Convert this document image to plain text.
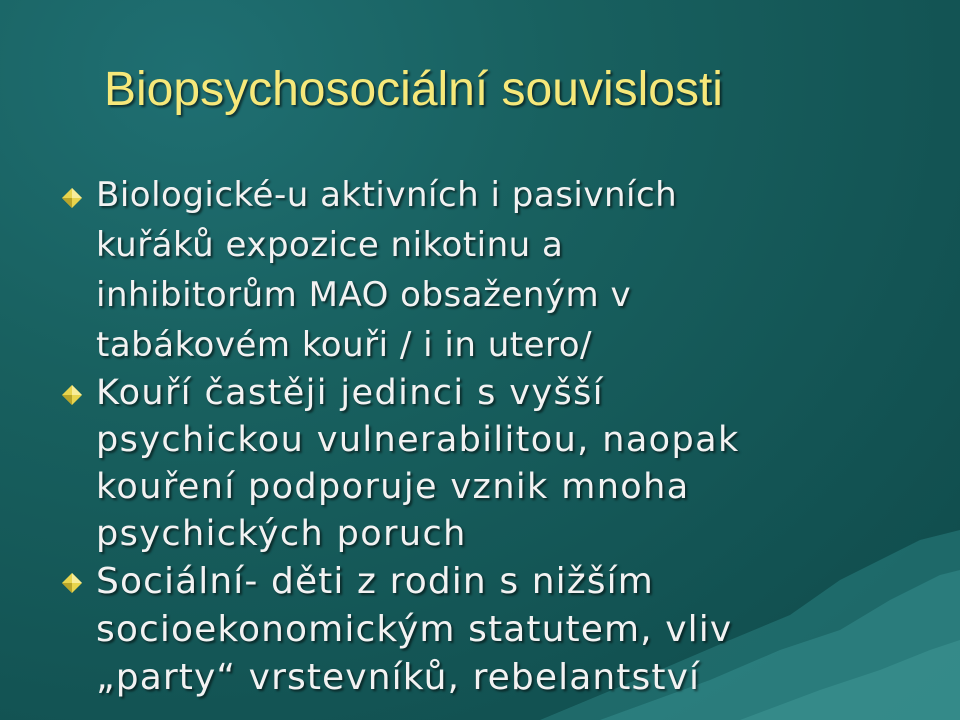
Biopsychosociální souvislosti
Biologické-u aktivních i pasivních
kuřáků expozice nikotinu a
inhibitorům MAO obsaženým v
tabákovém kouři / i in utero/
Kouří častěji jedinci s vyšší
psychickou vulnerabilitou, naopak
kouření podporuje vznik mnoha
psychických poruch
Sociální- děti z rodin s nižším
socioekonomickým statutem, vliv
„party“ vrstevníků, rebelantství
